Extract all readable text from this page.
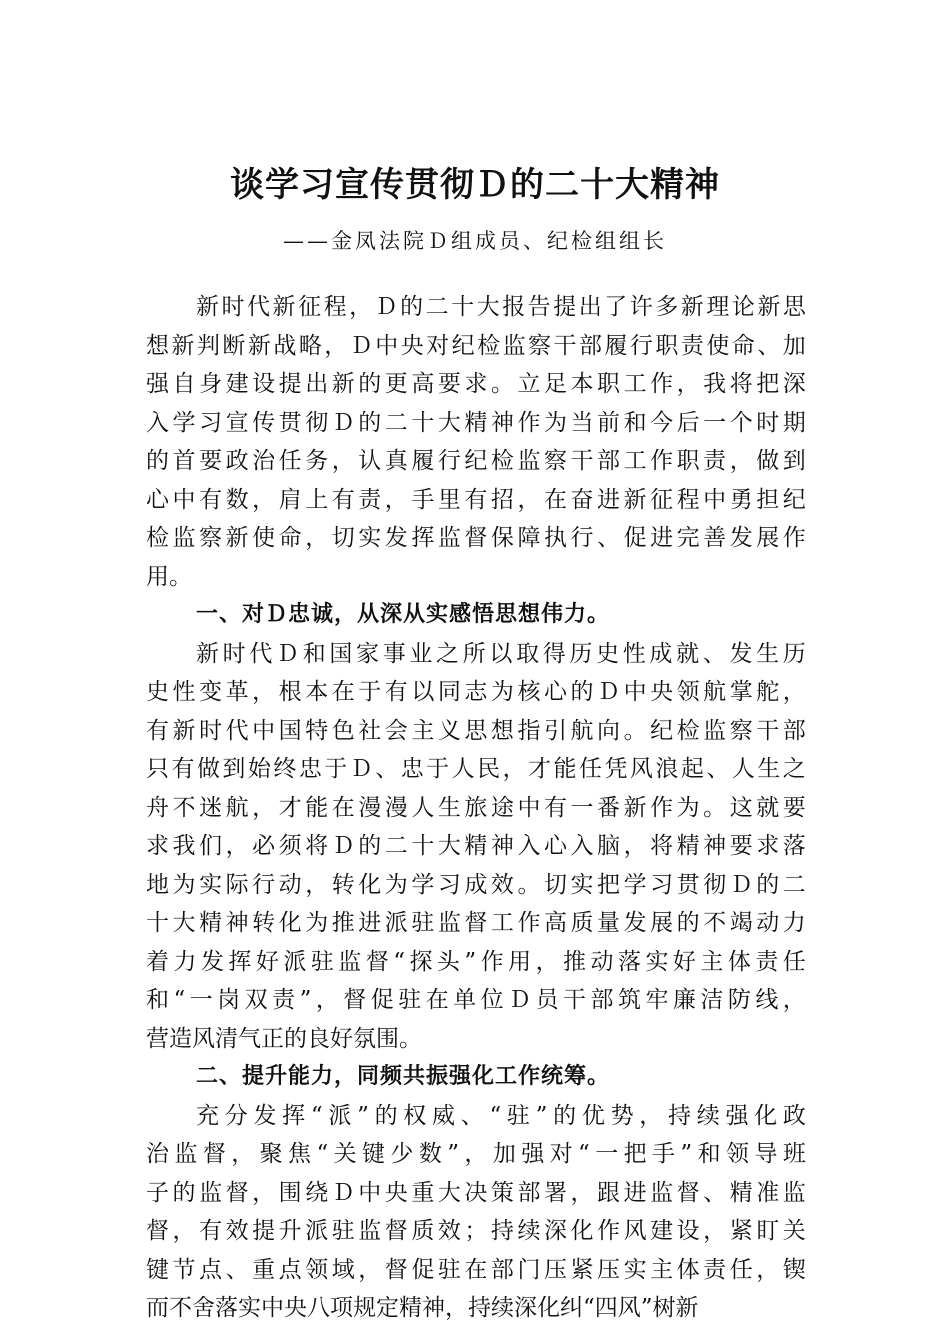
谈学习宣传贯彻Ｄ的二十大精神
——金凤法院Ｄ组成员、纪检组组长
新 时 代 新 征 程 ， Ｄ 的 二 十 大 报 告 提 出 了 许 多 新 理 论 新 思
想 新 判 断 新 战 略 ， Ｄ 中 央 对 纪 检 监 察 干 部 履 行 职 责 使 命 、 加
强 自 身 建 设 提 出 新 的 更 高 要 求 。 立 足 本 职 工 作 ， 我 将 把 深
入 学 习 宣 传 贯 彻 Ｄ 的 二 十 大 精 神 作 为 当 前 和 今 后 一 个 时 期
的 首 要 政 治 任 务 ， 认 真 履 行 纪 检 监 察 干 部 工 作 职 责 ， 做 到
心 中 有 数 ， 肩 上 有 责 ， 手 里 有 招 ， 在 奋 进 新 征 程 中 勇 担 纪
检 监 察 新 使 命 ， 切 实 发 挥 监 督 保 障 执 行 、 促 进 完 善 发 展 作
用。
一、对Ｄ忠诚，从深从实感悟思想伟力。
新 时 代 Ｄ 和 国 家 事 业 之 所 以 取 得 历 史 性 成 就 、 发 生 历
史 性 变 革 ， 根 本 在 于 有 以 同 志 为 核 心 的 Ｄ 中 央 领 航 掌 舵 ，
有 新 时 代 中 国 特 色 社 会 主 义 思 想 指 引 航 向 。 纪 检 监 察 干 部
只 有 做 到 始 终 忠 于 Ｄ 、 忠 于 人 民 ， 才 能 任 凭 风 浪 起 、 人 生 之
舟 不 迷 航 ， 才 能 在 漫 漫 人 生 旅 途 中 有 一 番 新 作 为 。 这 就 要
求 我 们 ， 必 须 将 Ｄ 的 二 十 大 精 神 入 心 入 脑 ， 将 精 神 要 求 落
地 为 实 际 行 动 ， 转 化 为 学 习 成 效 。 切 实 把 学 习 贯 彻 Ｄ 的 二
十 大 精 神 转 化 为 推 进 派 驻 监 督 工 作 高 质 量 发 展 的 不 竭 动 力
着 力 发 挥 好 派 驻 监 督 “ 探 头 ” 作 用 ， 推 动 落 实 好 主 体 责 任
和 “ 一 岗 双 责 ” ， 督 促 驻 在 单 位 Ｄ 员 干 部 筑 牢 廉 洁 防 线 ，
营造风清气正的良好氛围。
二、提升能力，同频共振强化工作统筹。
充 分 发 挥 “ 派 ” 的 权 威 、 “ 驻 ” 的 优 势 ， 持 续 强 化 政
治 监 督 ， 聚 焦 “ 关 键 少 数 ” ， 加 强 对 “ 一 把 手 ” 和 领 导 班
子 的 监 督 ， 围 绕 Ｄ 中 央 重 大 决 策 部 署 ， 跟 进 监 督 、 精 准 监
督 ， 有 效 提 升 派 驻 监 督 质 效 ； 持 续 深 化 作 风 建 设 ， 紧 盯 关
键 节 点 、 重 点 领 域 ， 督 促 驻 在 部 门 压 紧 压 实 主 体 责 任 ， 锲
而不舍落实中央八项规定精神，持续深化纠“四风”树新
